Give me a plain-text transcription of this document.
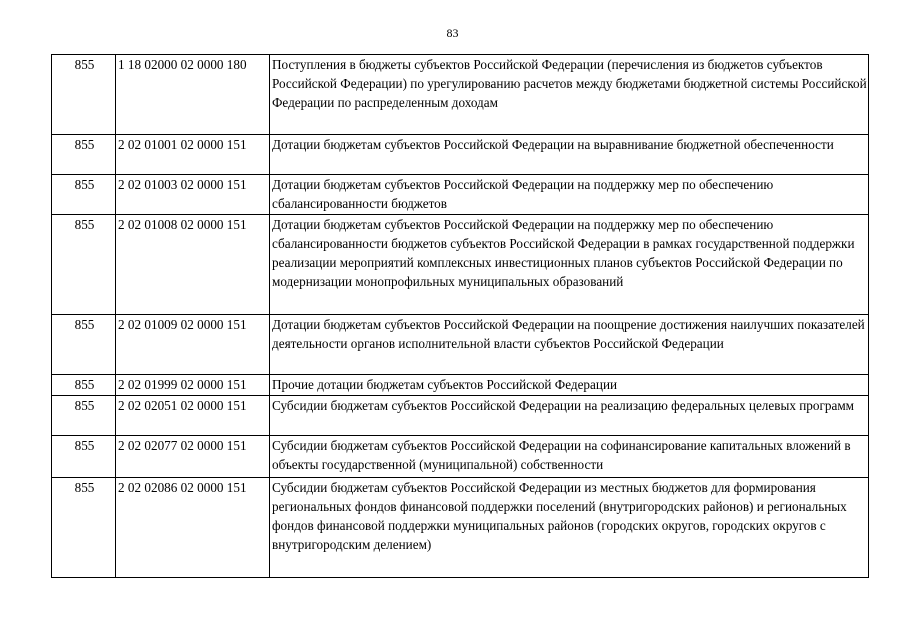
83
855	1 18 02000 02 0000 180	Поступления в бюджеты субъектов Российской Федерации (перечисления из бюджетов субъектов Российской Федерации) по урегулированию расчетов между бюджетами бюджетной системы Российской Федерации по распределенным доходам
855	2 02 01001 02 0000 151	Дотации бюджетам субъектов Российской Федерации на выравнивание бюджетной обеспеченности
855	2 02 01003 02 0000 151	Дотации бюджетам субъектов Российской Федерации на поддержку мер по обеспечению сбалансированности бюджетов
855	2 02 01008 02 0000 151	Дотации бюджетам субъектов Российской Федерации на поддержку мер по обеспечению сбалансированности бюджетов субъектов Российской Федерации в рамках государственной поддержки реализации мероприятий комплексных инвестиционных планов субъектов Российской Федерации по модернизации монопрофильных муниципальных образований
855	2 02 01009 02 0000 151	Дотации бюджетам субъектов Российской Федерации на поощрение достижения наилучших показателей деятельности органов исполнительной власти субъектов Российской Федерации
855	2 02 01999 02 0000 151	Прочие дотации бюджетам субъектов Российской Федерации
855	2 02 02051 02 0000 151	Субсидии бюджетам субъектов Российской Федерации на реализацию федеральных целевых программ
855	2 02 02077 02 0000 151	Субсидии бюджетам субъектов Российской Федерации на софинансирование капитальных вложений в объекты государственной (муниципальной) собственности
855	2 02 02086 02 0000 151	Субсидии бюджетам субъектов Российской Федерации из местных бюджетов для формирования региональных фондов финансовой поддержки поселений (внутригородских районов) и региональных фондов финансовой поддержки муниципальных районов (городских округов, городских округов с внутригородским делением)
